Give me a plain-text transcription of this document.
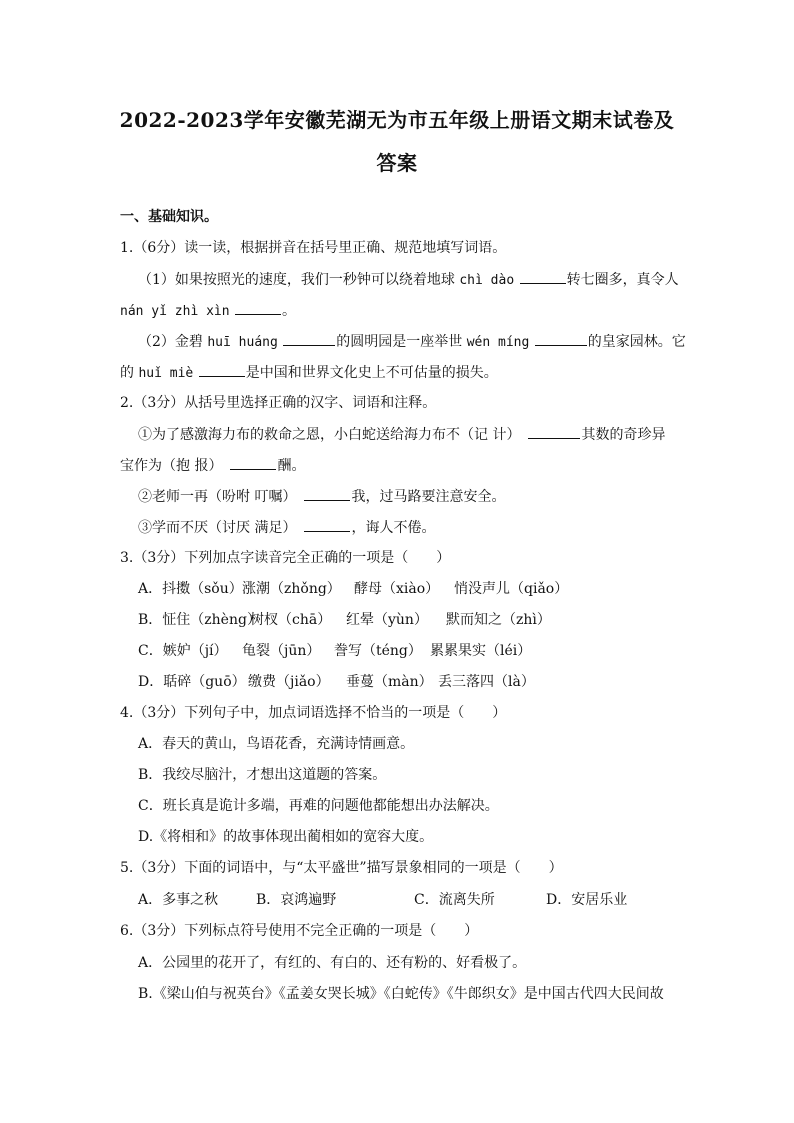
2022-2023学年安徽芜湖无为市五年级上册语文期末试卷及
答案
一、基础知识。
1.（6分）读一读，根据拼音在括号里正确、规范地填写词语。
（1）如果按照光的速度，我们一秒钟可以绕着地球 chì dào	转七圈多，真令人
nán yǐ zhì xìn	。
（2）金碧 huī huáng	的圆明园是一座举世 wén míng	的皇家园林。它
的 huǐ miè	是中国和世界文化史上不可估量的损失。
2.（3分）从括号里选择正确的汉字、词语和注释。
①为了感激海力布的救命之恩，小白蛇送给海力布不（记 计）	其数的奇珍异
宝作为（抱 报）	酬。
②老师一再（吩咐 叮嘱）	我，过马路要注意安全。
③学而不厌（讨厌 满足）	，诲人不倦。
3.（3分）下列加点字读音完全正确的一项是（　　）
A．抖擞（sǒu）涨潮（zhǒng） 酵母（xiào） 悄没声儿（qiǎo）
B．怔住（zhèng）树杈（chā） 红晕（yùn） 默而知之（zhì）
C．嫉妒（jí） 龟裂（jūn） 誊写（téng） 累累果实（léi）
D．聒碎（guō） 缴费（jiǎo） 垂蔓（màn） 丢三落四（là）
4.（3分）下列句子中，加点词语选择不恰当的一项是（　　）
A．春天的黄山，鸟语花香，充满诗情画意。
B．我绞尽脑汁，才想出这道题的答案。
C．班长真是诡计多端，再难的问题他都能想出办法解决。
D.《将相和》的故事体现出蔺相如的宽容大度。
5.（3分）下面的词语中，与“太平盛世”描写景象相同的一项是（　　）
A．多事之秋	B．哀鸿遍野	C．流离失所	D．安居乐业
6.（3分）下列标点符号使用不完全正确的一项是（　　）
A．公园里的花开了，有红的、有白的、还有粉的、好看极了。
B.《梁山伯与祝英台》《孟姜女哭长城》《白蛇传》《牛郎织女》是中国古代四大民间故
